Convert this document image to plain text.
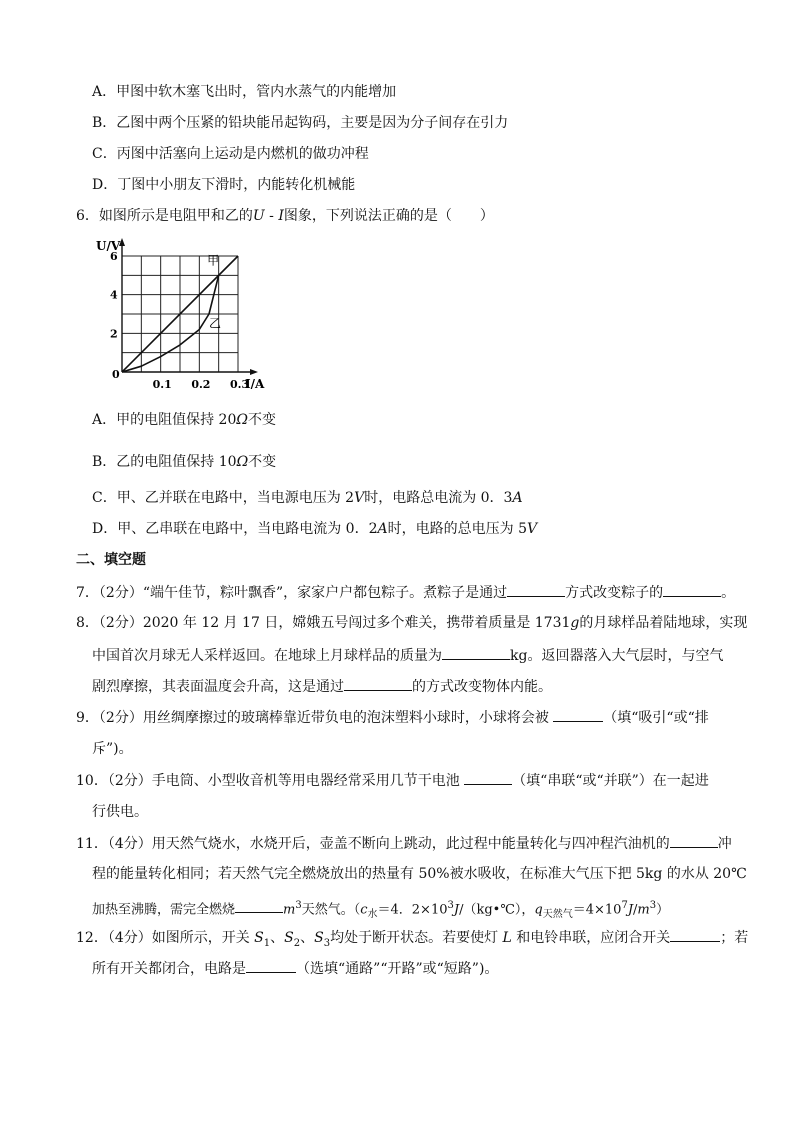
A．甲图中软木塞飞出时，管内水蒸气的内能增加
B．乙图中两个压紧的铅块能吊起钩码，主要是因为分子间存在引力
C．丙图中活塞向上运动是内燃机的做功冲程
D．丁图中小朋友下滑时，内能转化机械能
6．如图所示是电阻甲和乙的U - I图象，下列说法正确的是（　　）
0.1 0.2 0.3
2
4
6	甲
乙
U/V
I/A
0
A．甲的电阻值保持 20Ω不变
B．乙的电阻值保持 10Ω不变
C．甲、乙并联在电路中，当电源电压为 2V时，电路总电流为 0．3A
D．甲、乙串联在电路中，当电路电流为 0．2A时，电路的总电压为 5V
二、填空题
7．（2分）“端午佳节，粽叶飘香”，家家户户都包粽子。煮粽子是通过	方式改变粽子的	。
8．（2分）2020 年 12 月 17 日，嫦娥五号闯过多个难关，携带着质量是 1731g的月球样品着陆地球，实现
中国首次月球无人采样返回。在地球上月球样品的质量为	kg。返回器落入大气层时，与空气
剧烈摩擦，其表面温度会升高，这是通过	的方式改变物体内能。
9．（2分）用丝绸摩擦过的玻璃棒靠近带负电的泡沫塑料小球时，小球将会被	（填“吸引“或“排
斥”)。
10．（2分）手电筒、小型收音机等用电器经常采用几节干电池	（填“串联“或“并联”）在一起进
行供电。
11．（4分）用天然气烧水，水烧开后，壶盖不断向上跳动，此过程中能量转化与四冲程汽油机的	冲
程的能量转化相同；若天然气完全燃烧放出的热量有 50%被水吸收，在标准大气压下把 5kg 的水从 20℃
加热至沸腾，需完全燃烧	$m^3$天然气。（$c_水=4$．$2\times 10^3J/(kg•℃)$，$q_{天然气}=4\times 10^7J/m^3$）
12．（4分）如图所示，开关 $S_1$、$S_2$、$S_3$均处于断开状态。若要使灯 L 和电铃串联，应闭合开关	；若
所有开关都闭合，电路是	（选填“通路”“开路”或“短路”)。
